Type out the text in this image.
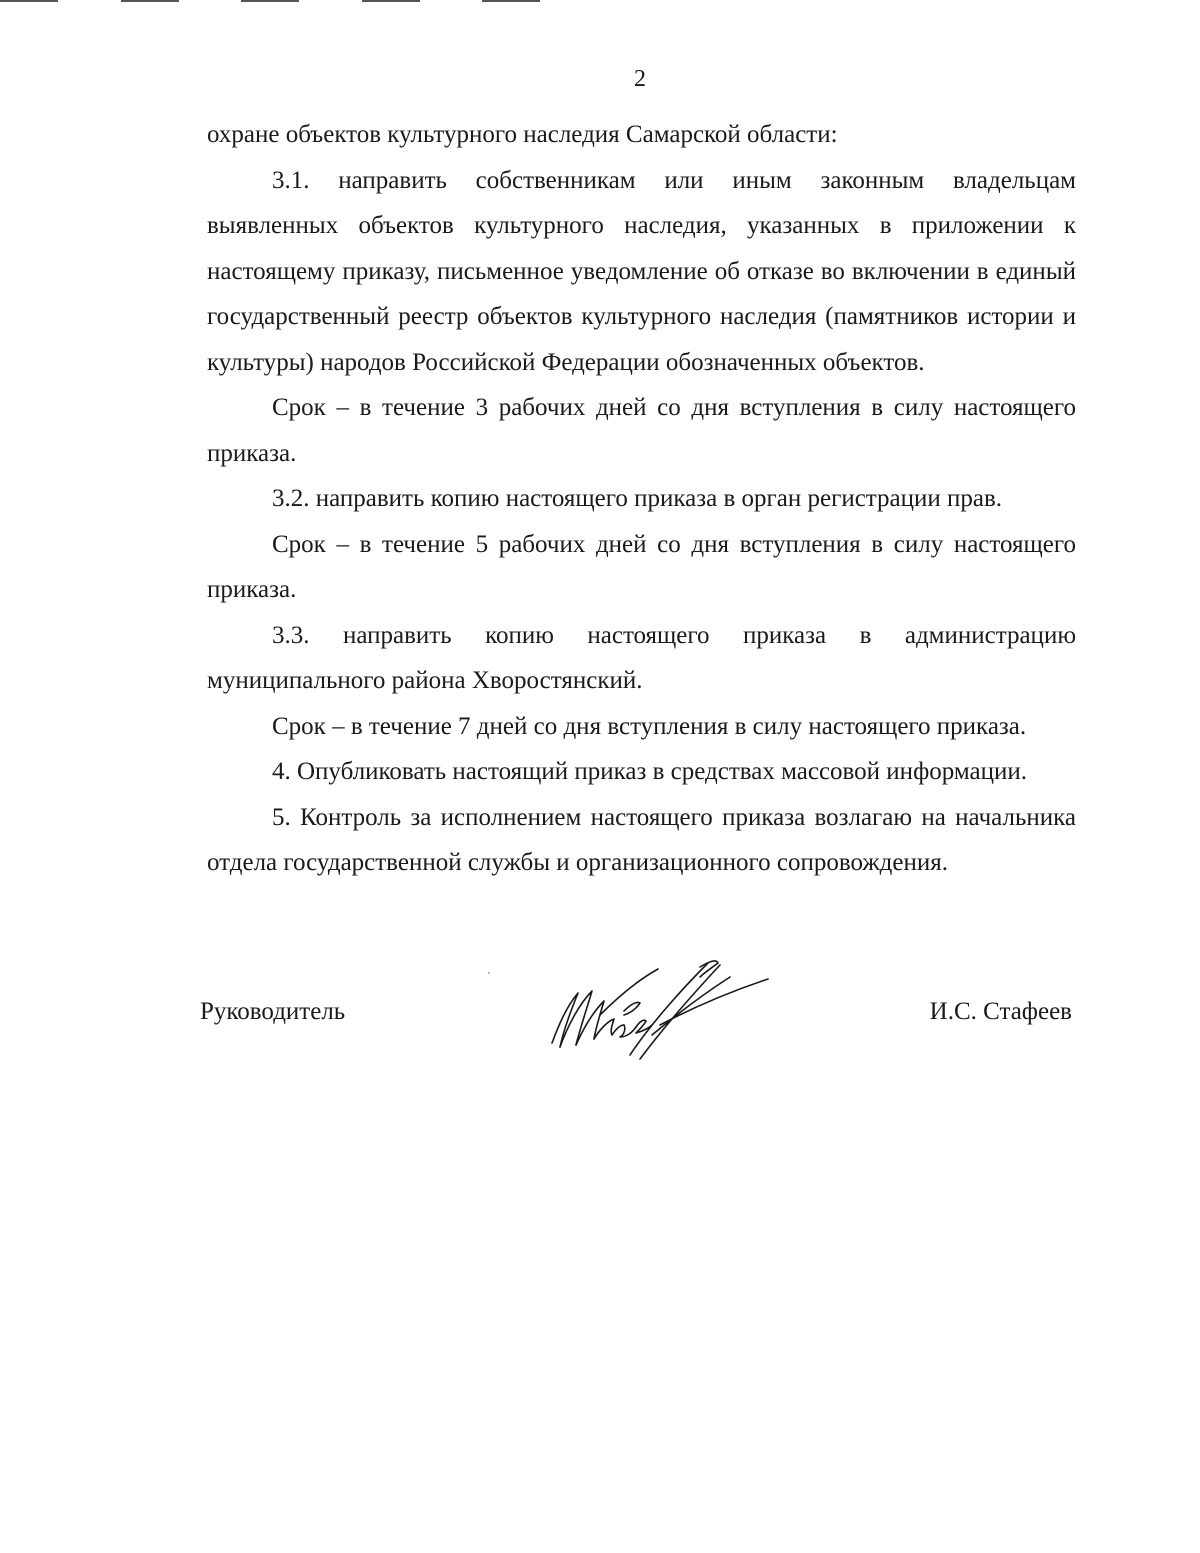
2

охране объектов культурного наследия Самарской области:

3.1. направить собственникам или иным законным владельцам выявленных объектов культурного наследия, указанных в приложении к настоящему приказу, письменное уведомление об отказе во включении в единый государственный реестр объектов культурного наследия (памятников истории и культуры) народов Российской Федерации обозначенных объектов.

Срок – в течение 3 рабочих дней со дня вступления в силу настоящего приказа.

3.2. направить копию настоящего приказа в орган регистрации прав.

Срок – в течение 5 рабочих дней со дня вступления в силу настоящего приказа.

3.3. направить копию настоящего приказа в администрацию муниципального района Хворостянский.

Срок – в течение 7 дней со дня вступления в силу настоящего приказа.

4. Опубликовать настоящий приказ в средствах массовой информации.

5. Контроль за исполнением настоящего приказа возлагаю на начальника отдела государственной службы и организационного сопровождения.

Руководитель	И.С. Стафеев
